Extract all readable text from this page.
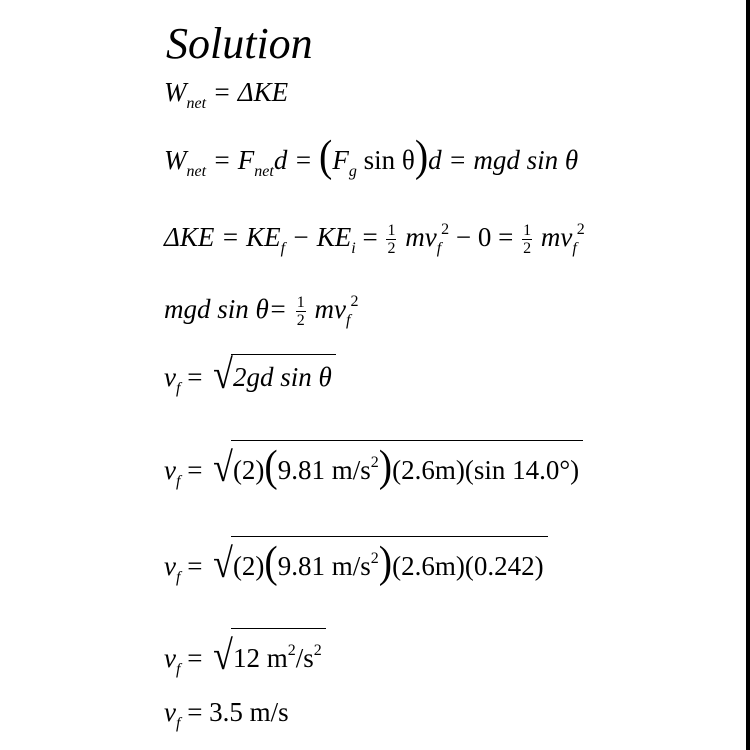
Solution
$W_{net} = \Delta KE$
$W_{net} = F_{net}d = (F_g$ sin θ)d = mgd sin θ
$\Delta KE = KE_f - KE_i = \frac{1}{2} mv_f^2 - 0 = \frac{1}{2} mv_f^2$
mgd $\sin \theta= \frac{1}{2} mv_f^2$
$v_f = √2gd$ sin θ
$v_f = √(2)(9.81$ $m/s^2)(2.6m)(\sin$ 14.0°)
$v_f = √(2)(9.81$ $m/s^2)(2.6m)(0.242)$
$v_f = √12$ $m^2/s^2$
$v_f = 3.5$ m/s
